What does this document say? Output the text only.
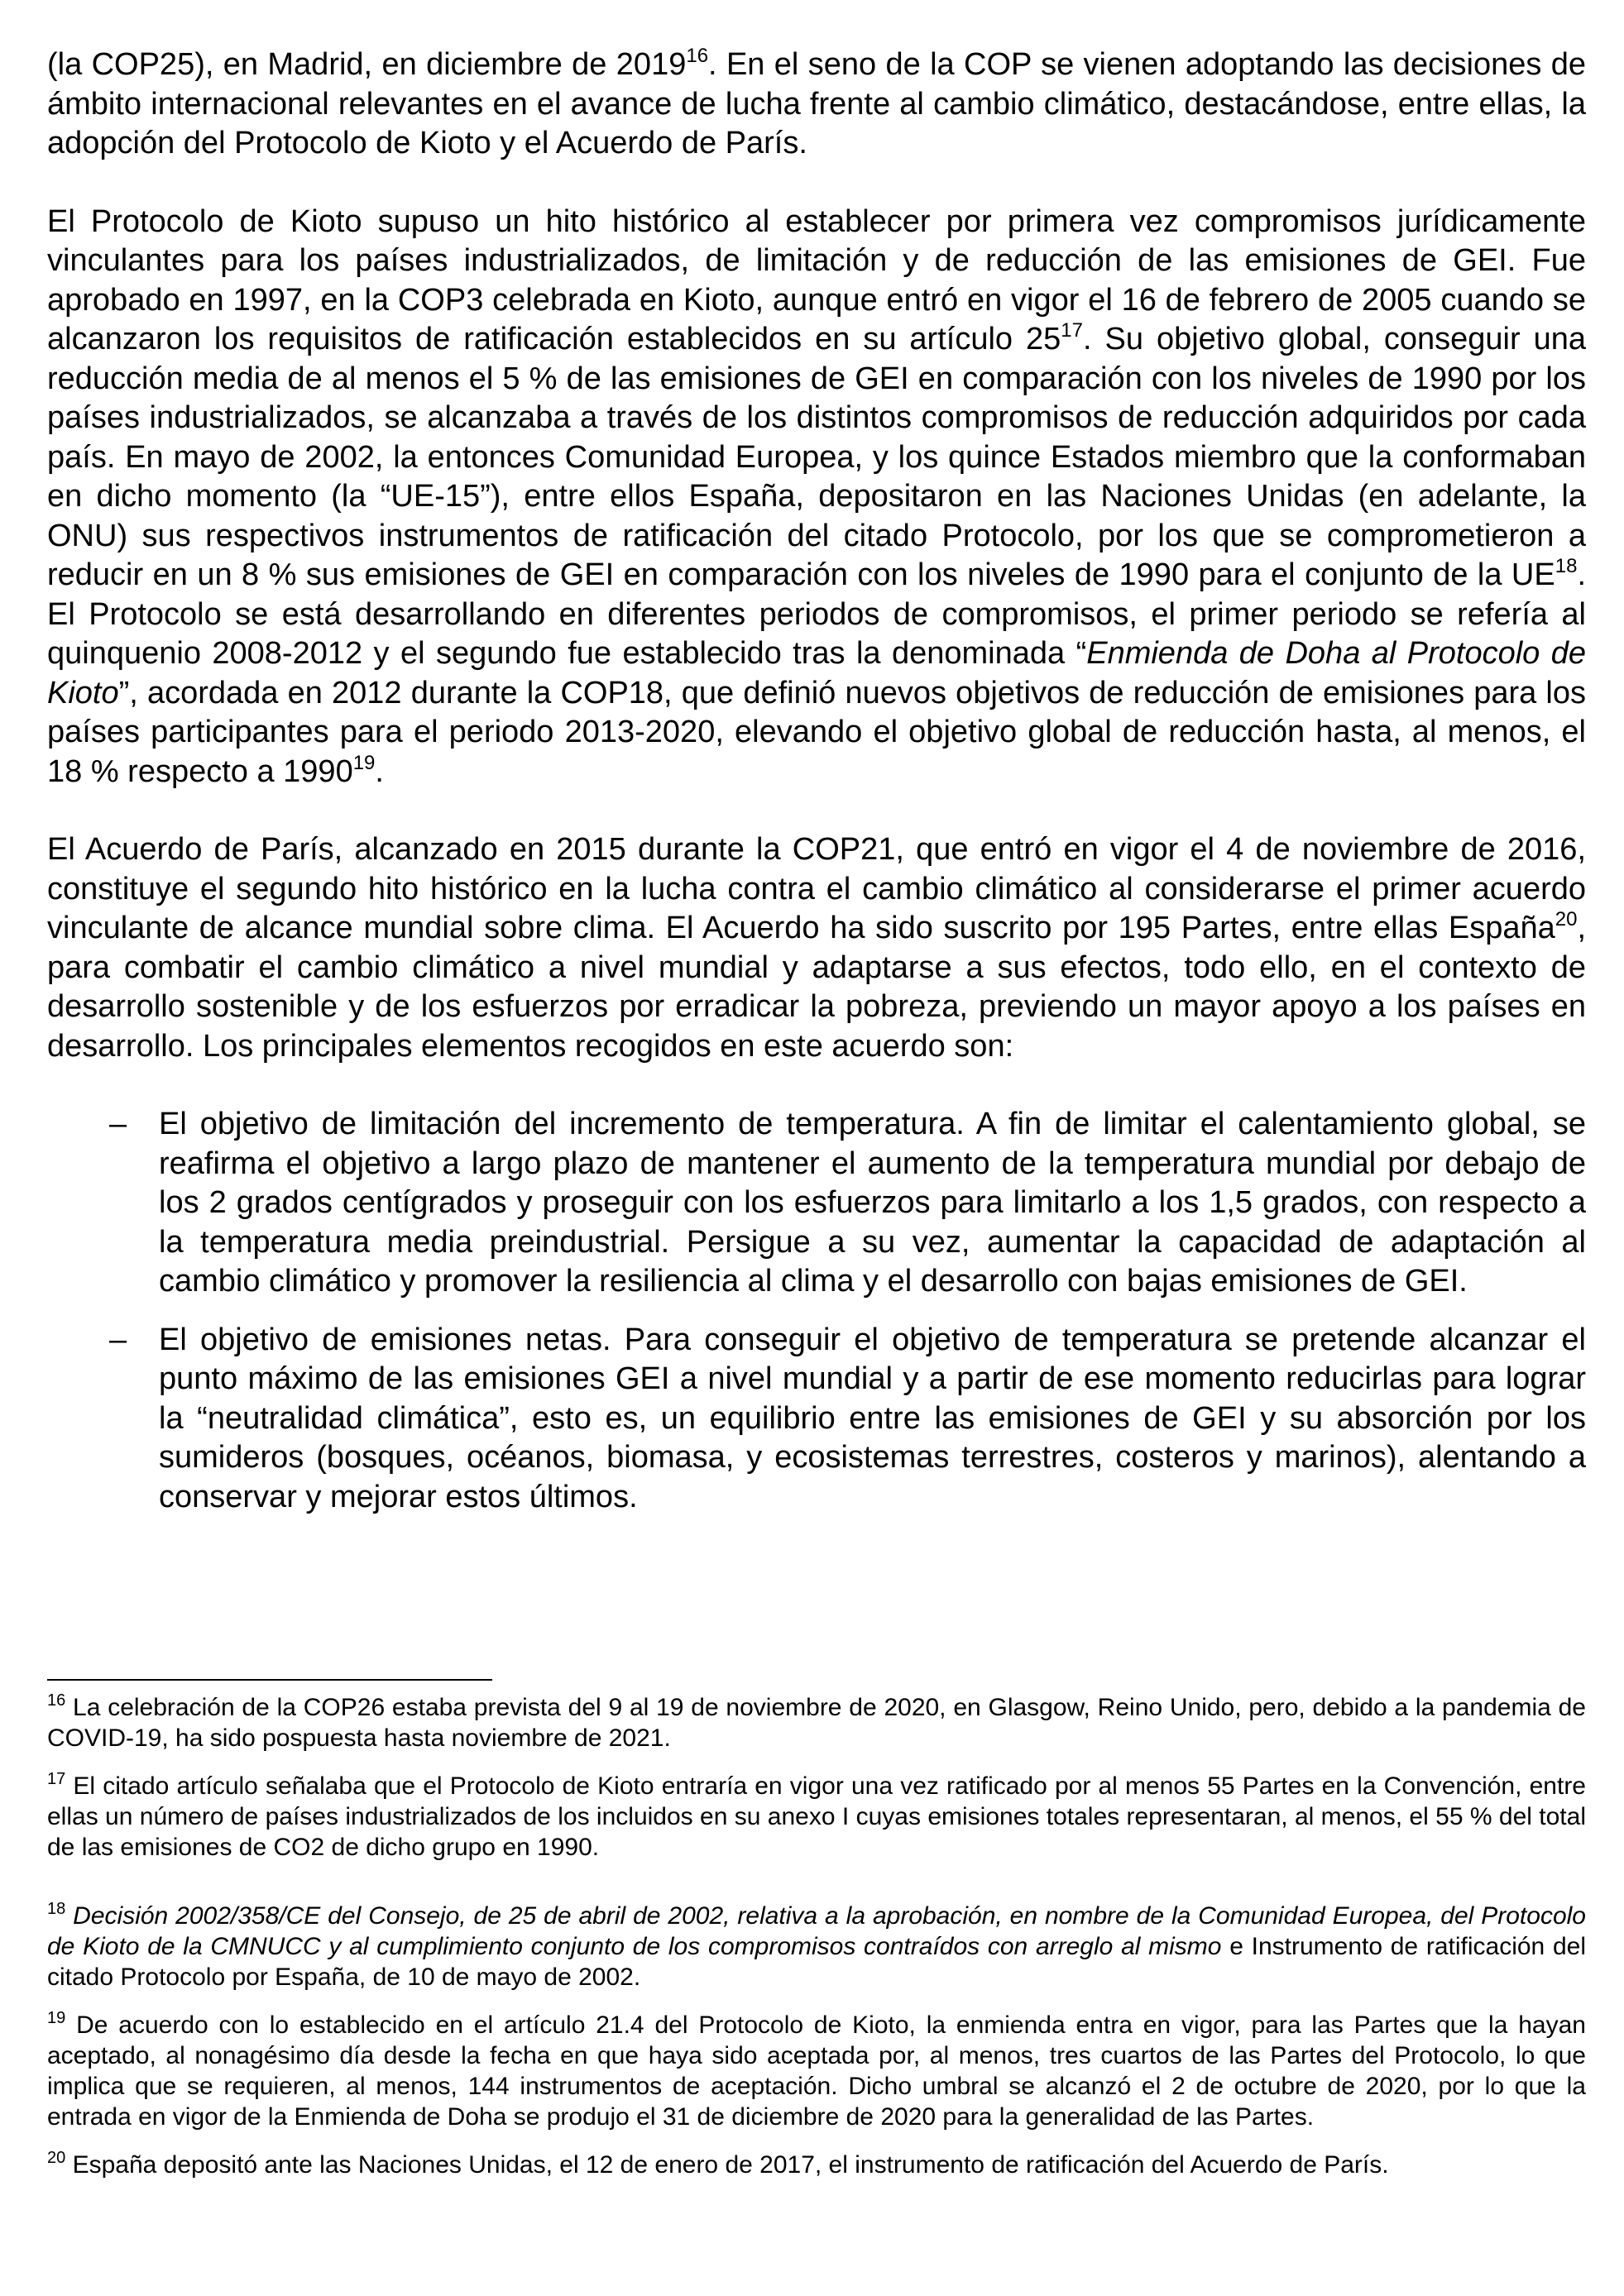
(la COP25), en Madrid, en diciembre de 2019$^{16}$. En el seno de la COP se vienen adoptando las decisiones de ámbito internacional relevantes en el avance de lucha frente al cambio climático, destacándose, entre ellas, la adopción del Protocolo de Kioto y el Acuerdo de París.

El Protocolo de Kioto supuso un hito histórico al establecer por primera vez compromisos jurídicamente vinculantes para los países industrializados, de limitación y de reducción de las emisiones de GEI. Fue aprobado en 1997, en la COP3 celebrada en Kioto, aunque entró en vigor el 16 de febrero de 2005 cuando se alcanzaron los requisitos de ratificación establecidos en su artículo $25^{17}$. Su objetivo global, conseguir una reducción media de al menos el 5 % de las emisiones de GEI en comparación con los niveles de 1990 por los países industrializados, se alcanzaba a través de los distintos compromisos de reducción adquiridos por cada país. En mayo de 2002, la entonces Comunidad Europea, y los quince Estados miembro que la conformaban en dicho momento (la “UE-15”), entre ellos España, depositaron en las Naciones Unidas (en adelante, la ONU) sus respectivos instrumentos de ratificación del citado Protocolo, por los que se comprometieron a reducir en un 8 % sus emisiones de GEI en comparación con los niveles de 1990 para el conjunto de la UE$^{18}$. El Protocolo se está desarrollando en diferentes periodos de compromisos, el primer periodo se refería al quinquenio 2008-2012 y el segundo fue establecido tras la denominada “Enmienda de Doha al Protocolo de Kioto”, acordada en 2012 durante la COP18, que definió nuevos objetivos de reducción de emisiones para los países participantes para el periodo 2013-2020, elevando el objetivo global de reducción hasta, al menos, el 18 % respecto a 1990$^{19}$.

El Acuerdo de París, alcanzado en 2015 durante la COP21, que entró en vigor el 4 de noviembre de 2016, constituye el segundo hito histórico en la lucha contra el cambio climático al considerarse el primer acuerdo vinculante de alcance mundial sobre clima. El Acuerdo ha sido suscrito por 195 Partes, entre ellas España$^{20}$, para combatir el cambio climático a nivel mundial y adaptarse a sus efectos, todo ello, en el contexto de desarrollo sostenible y de los esfuerzos por erradicar la pobreza, previendo un mayor apoyo a los países en desarrollo. Los principales elementos recogidos en este acuerdo son:

– El objetivo de limitación del incremento de temperatura. A fin de limitar el calentamiento global, se reafirma el objetivo a largo plazo de mantener el aumento de la temperatura mundial por debajo de los 2 grados centígrados y proseguir con los esfuerzos para limitarlo a los 1,5 grados, con respecto a la temperatura media preindustrial. Persigue a su vez, aumentar la capacidad de adaptación al cambio climático y promover la resiliencia al clima y el desarrollo con bajas emisiones de GEI.
– El objetivo de emisiones netas. Para conseguir el objetivo de temperatura se pretende alcanzar el punto máximo de las emisiones GEI a nivel mundial y a partir de ese momento reducirlas para lograr la “neutralidad climática”, esto es, un equilibrio entre las emisiones de GEI y su absorción por los sumideros (bosques, océanos, biomasa, y ecosistemas terrestres, costeros y marinos), alentando a conservar y mejorar estos últimos.

$^{16}$ La celebración de la COP26 estaba prevista del 9 al 19 de noviembre de 2020, en Glasgow, Reino Unido, pero, debido a la pandemia de COVID-19, ha sido pospuesta hasta noviembre de 2021.

$^{17}$ El citado artículo señalaba que el Protocolo de Kioto entraría en vigor una vez ratificado por al menos 55 Partes en la Convención, entre ellas un número de países industrializados de los incluidos en su anexo I cuyas emisiones totales representaran, al menos, el 55 % del total de las emisiones de CO2 de dicho grupo en 1990.

$^{18}$ Decisión 2002/358/CE del Consejo, de 25 de abril de 2002, relativa a la aprobación, en nombre de la Comunidad Europea, del Protocolo de Kioto de la CMNUCC y al cumplimiento conjunto de los compromisos contraídos con arreglo al mismo e Instrumento de ratificación del citado Protocolo por España, de 10 de mayo de 2002.

$^{19}$ De acuerdo con lo establecido en el artículo 21.4 del Protocolo de Kioto, la enmienda entra en vigor, para las Partes que la hayan aceptado, al nonagésimo día desde la fecha en que haya sido aceptada por, al menos, tres cuartos de las Partes del Protocolo, lo que implica que se requieren, al menos, 144 instrumentos de aceptación. Dicho umbral se alcanzó el 2 de octubre de 2020, por lo que la entrada en vigor de la Enmienda de Doha se produjo el 31 de diciembre de 2020 para la generalidad de las Partes.

$^{20}$ España depositó ante las Naciones Unidas, el 12 de enero de 2017, el instrumento de ratificación del Acuerdo de París.
